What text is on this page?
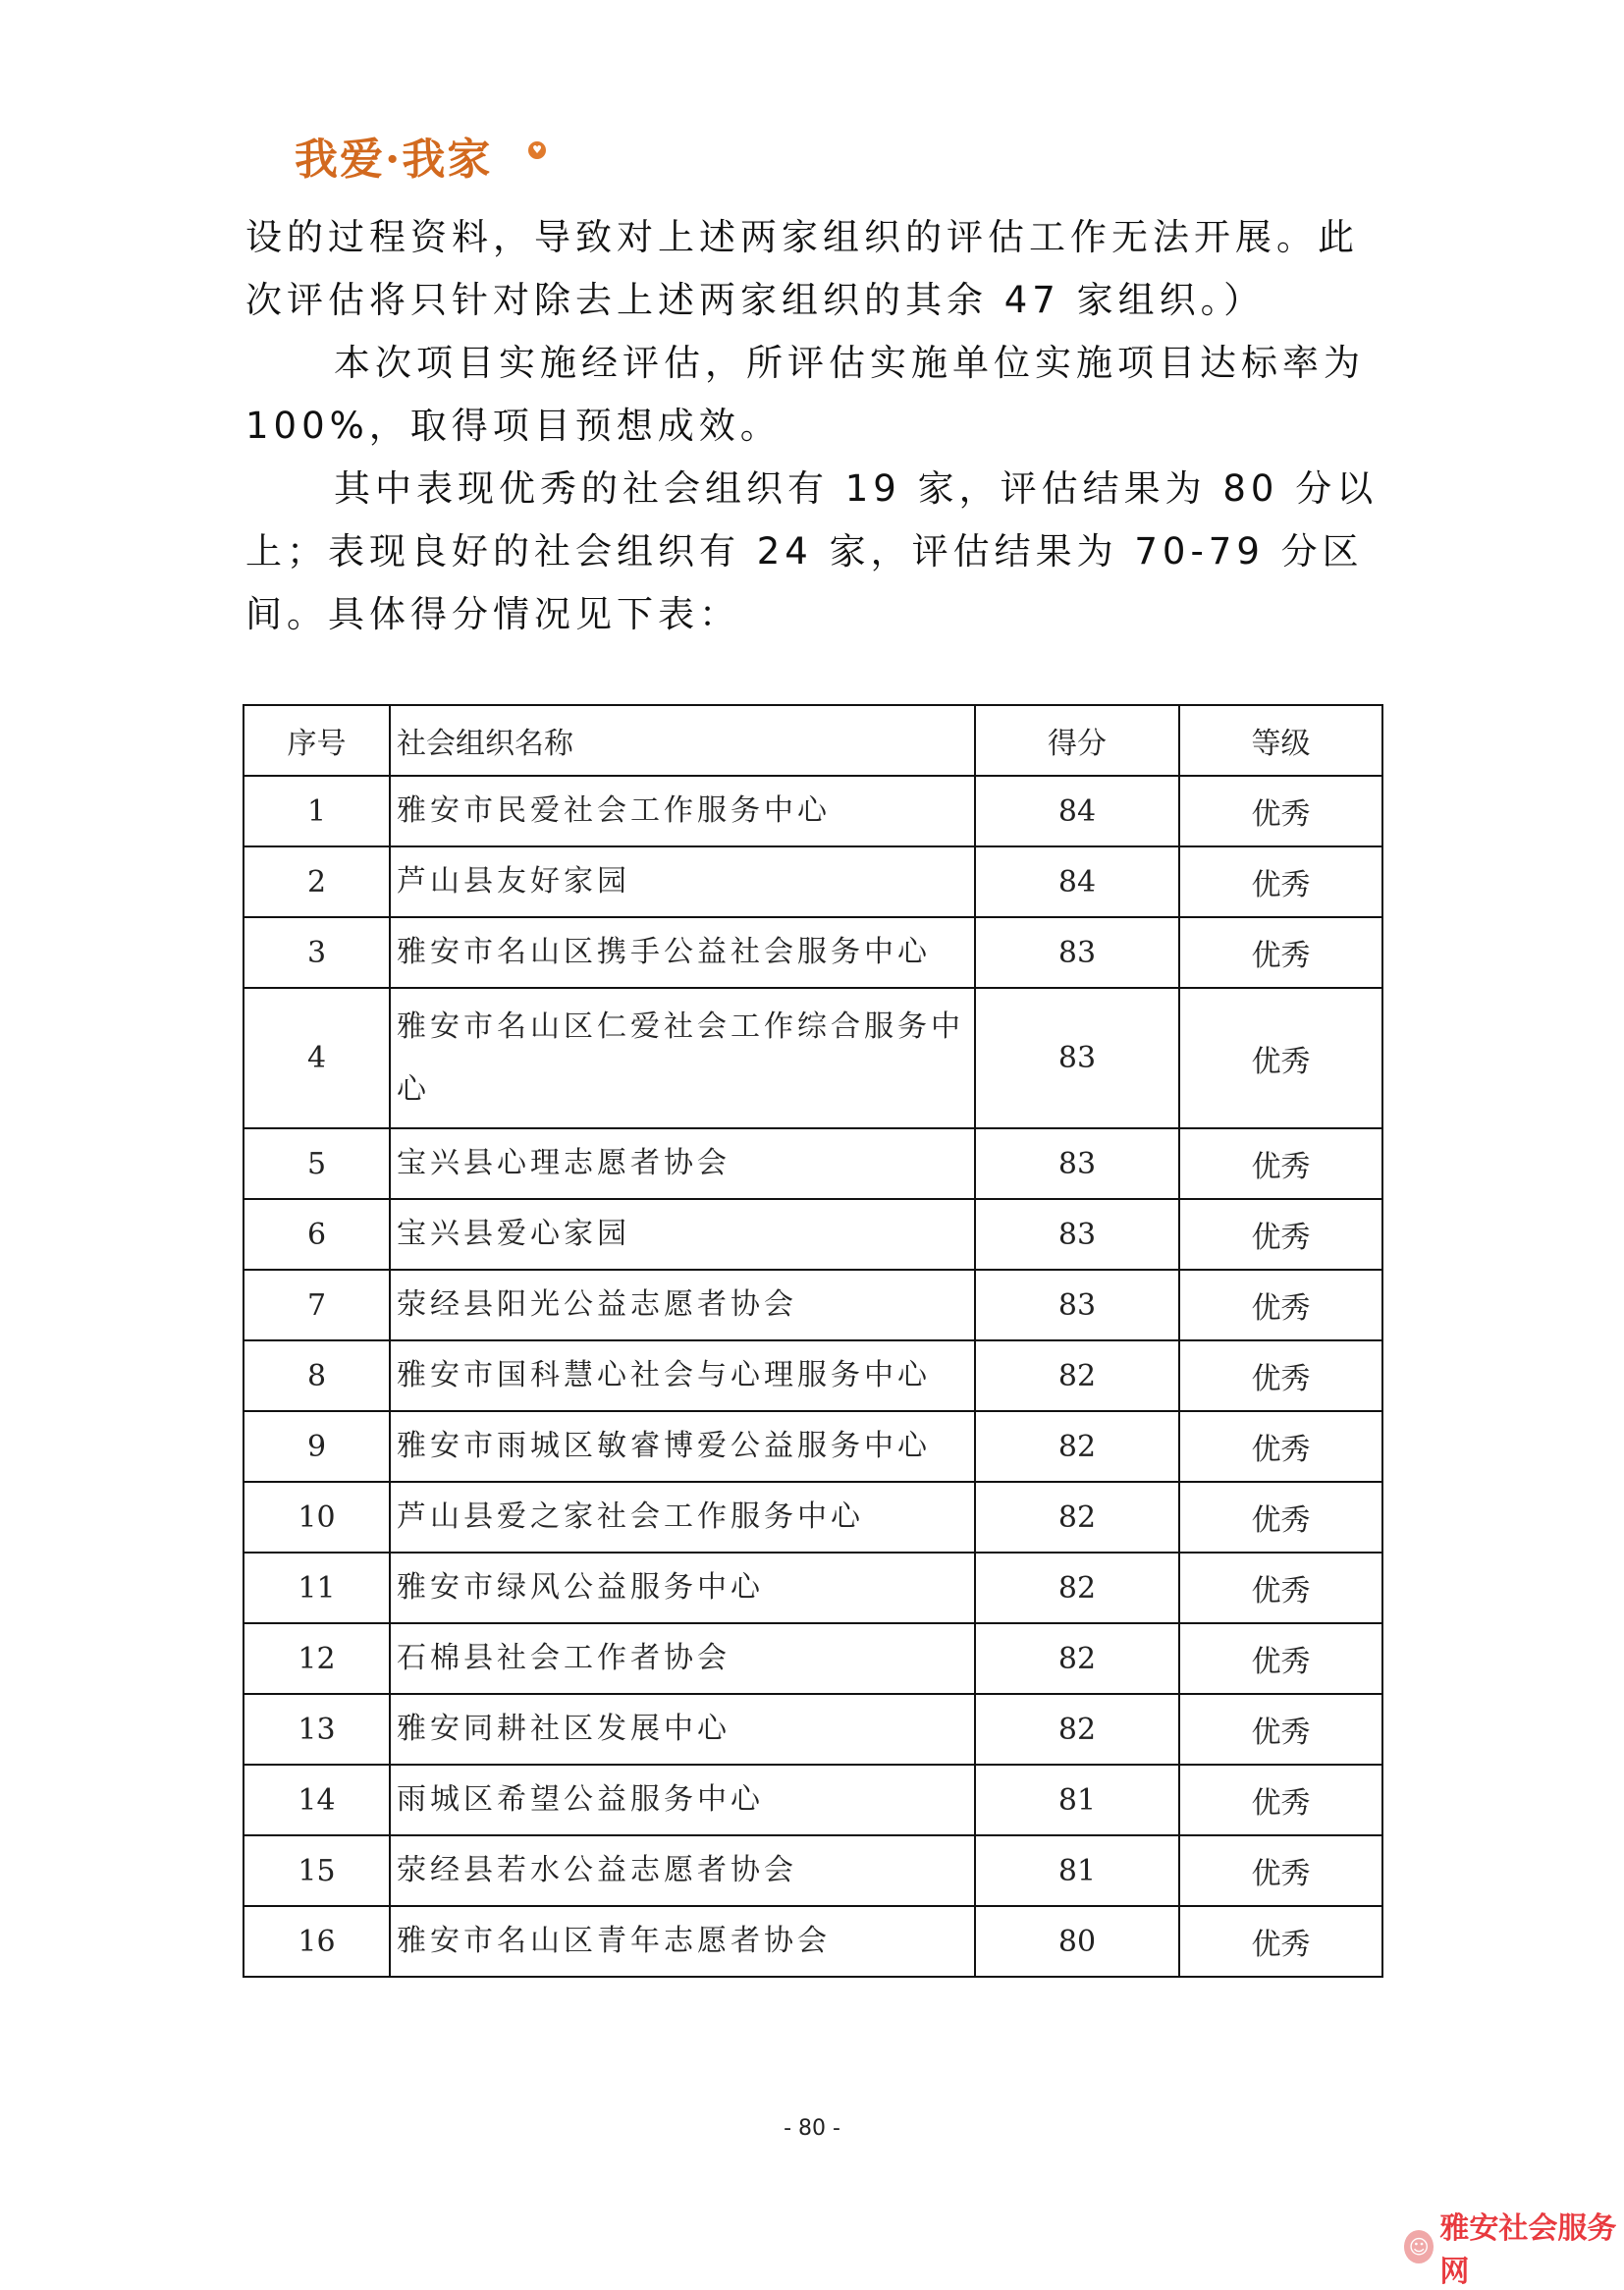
我爱·我家	♥

设的过程资料，导致对上述两家组织的评估工作无法开展。此次评估将只针对除去上述两家组织的其余 47 家组织。）

本次项目实施经评估，所评估实施单位实施项目达标率为 100%，取得项目预想成效。

其中表现优秀的社会组织有 19 家，评估结果为 80 分以上；表现良好的社会组织有 24 家，评估结果为 70-79 分区间。具体得分情况见下表：

序号	社会组织名称	得分	等级
1	雅安市民爱社会工作服务中心	84	优秀
2	芦山县友好家园	84	优秀
3	雅安市名山区携手公益社会服务中心	83	优秀
4	雅安市名山区仁爱社会工作综合服务中心	83	优秀
5	宝兴县心理志愿者协会	83	优秀
6	宝兴县爱心家园	83	优秀
7	荥经县阳光公益志愿者协会	83	优秀
8	雅安市国科慧心社会与心理服务中心	82	优秀
9	雅安市雨城区敏睿博爱公益服务中心	82	优秀
10	芦山县爱之家社会工作服务中心	82	优秀
11	雅安市绿风公益服务中心	82	优秀
12	石棉县社会工作者协会	82	优秀
13	雅安同耕社区发展中心	82	优秀
14	雨城区希望公益服务中心	81	优秀
15	荥经县若水公益志愿者协会	81	优秀
16	雅安市名山区青年志愿者协会	80	优秀
- 80 -
☺
雅安社会服务网
